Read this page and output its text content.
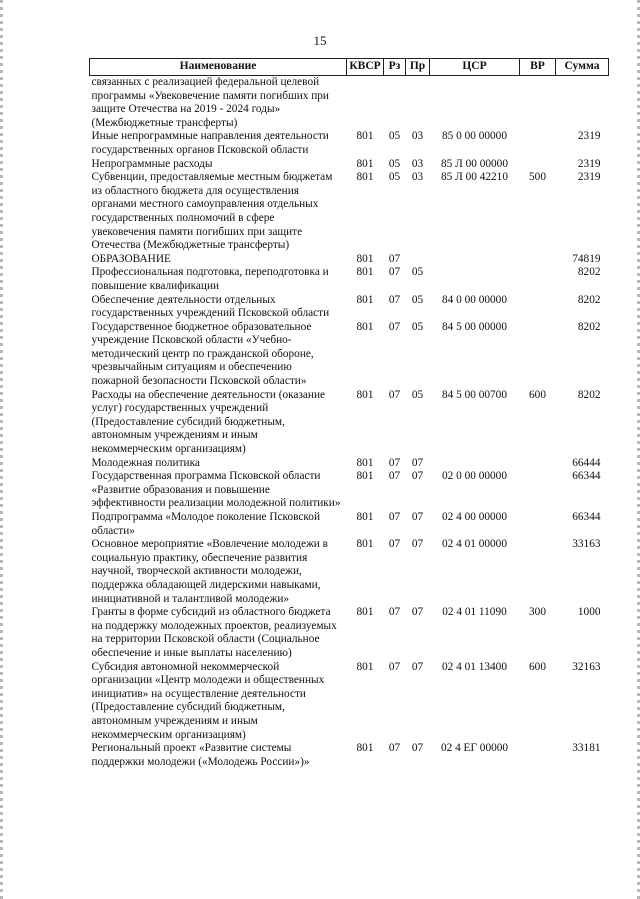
15
Наименование	КВСР	Рз	Пр	ЦСР	ВР	Сумма
связанных с реализацией федеральной целевой программы «Увековечение памяти погибших при защите Отечества на 2019 - 2024 годы» (Межбюджетные трансферты)						
Иные непрограммные направления деятельности государственных органов Псковской области	801	05	03	85 0 00 00000		2319
Непрограммные расходы	801	05	03	85 Л 00 00000		2319
Субвенции, предоставляемые местным бюджетам из областного бюджета для осуществления органами местного самоуправления отдельных государственных полномочий в сфере увековечения памяти погибших при защите Отечества (Межбюджетные трансферты)	801	05	03	85 Л 00 42210	500	2319
ОБРАЗОВАНИЕ	801	07				74819
Профессиональная подготовка, переподготовка и повышение квалификации	801	07	05			8202
Обеспечение деятельности отдельных государственных учреждений Псковской области	801	07	05	84 0 00 00000		8202
Государственное бюджетное образовательное учреждение Псковской области «Учебно-методический центр по гражданской обороне, чрезвычайным ситуациям и обеспечению пожарной безопасности Псковской области»	801	07	05	84 5 00 00000		8202
Расходы на обеспечение деятельности (оказание услуг) государственных учреждений (Предоставление субсидий бюджетным, автономным учреждениям и иным некоммерческим организациям)	801	07	05	84 5 00 00700	600	8202
Молодежная политика	801	07	07			66444
Государственная программа Псковской области «Развитие образования и повышение эффективности реализации молодежной политики»	801	07	07	02 0 00 00000		66344
Подпрограмма «Молодое поколение Псковской области»	801	07	07	02 4 00 00000		66344
Основное мероприятие «Вовлечение молодежи в социальную практику, обеспечение развития научной, творческой активности молодежи, поддержка обладающей лидерскими навыками, инициативной и талантливой молодежи»	801	07	07	02 4 01 00000		33163
Гранты в форме субсидий из областного бюджета на поддержку молодежных проектов, реализуемых на территории Псковской области (Социальное обеспечение и иные выплаты населению)	801	07	07	02 4 01 11090	300	1000
Субсидия автономной некоммерческой организации «Центр молодежи и общественных инициатив» на осуществление деятельности (Предоставление субсидий бюджетным, автономным учреждениям и иным некоммерческим организациям)	801	07	07	02 4 01 13400	600	32163
Региональный проект «Развитие системы поддержки молодежи («Молодежь России»)»	801	07	07	02 4 ЕГ 00000		33181
